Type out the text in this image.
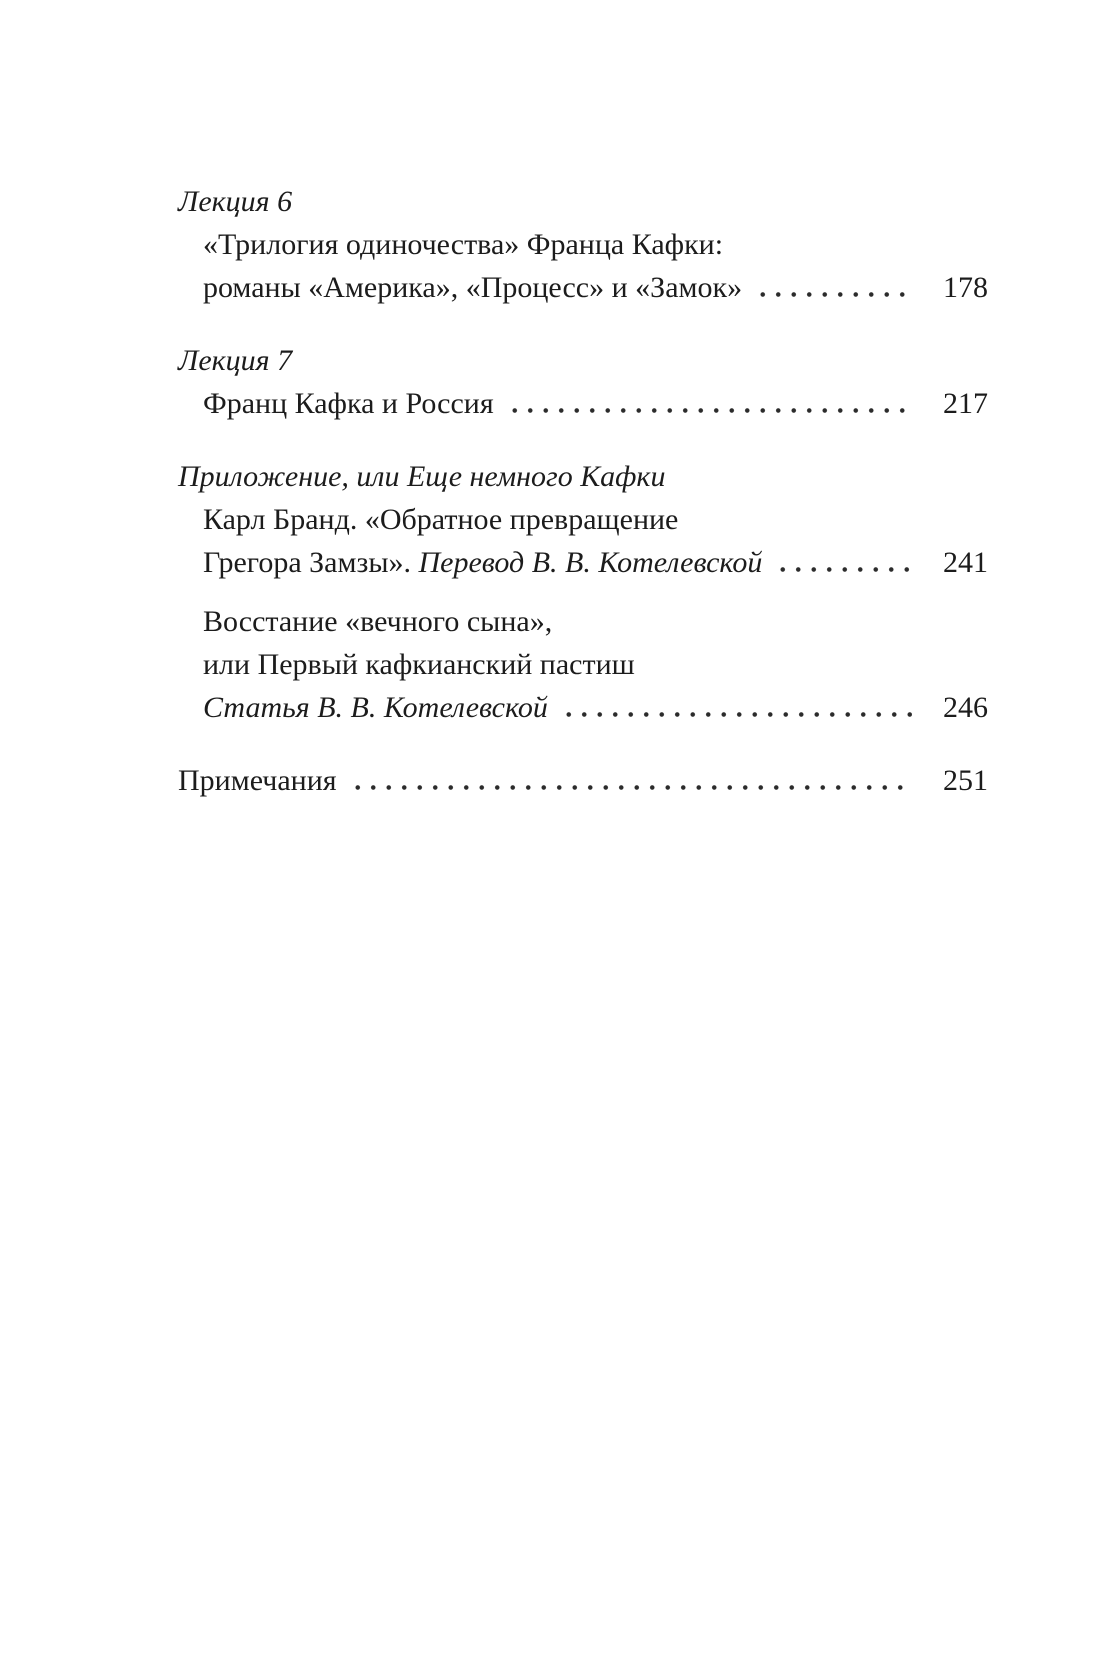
Лекция 6
«Трилогия одиночества» Франца Кафки:
романы «Америка», «Процесс» и «Замок»	178
Лекция 7
Франц Кафка и Россия	217
Приложение, или Еще немного Кафки
Карл Бранд. «Обратное превращение
Грегора Замзы». Перевод В. В. Котелевской	241
Восстание «вечного сына»,
или Первый кафкианский пастиш
Статья В. В. Котелевской	246
Примечания	251
